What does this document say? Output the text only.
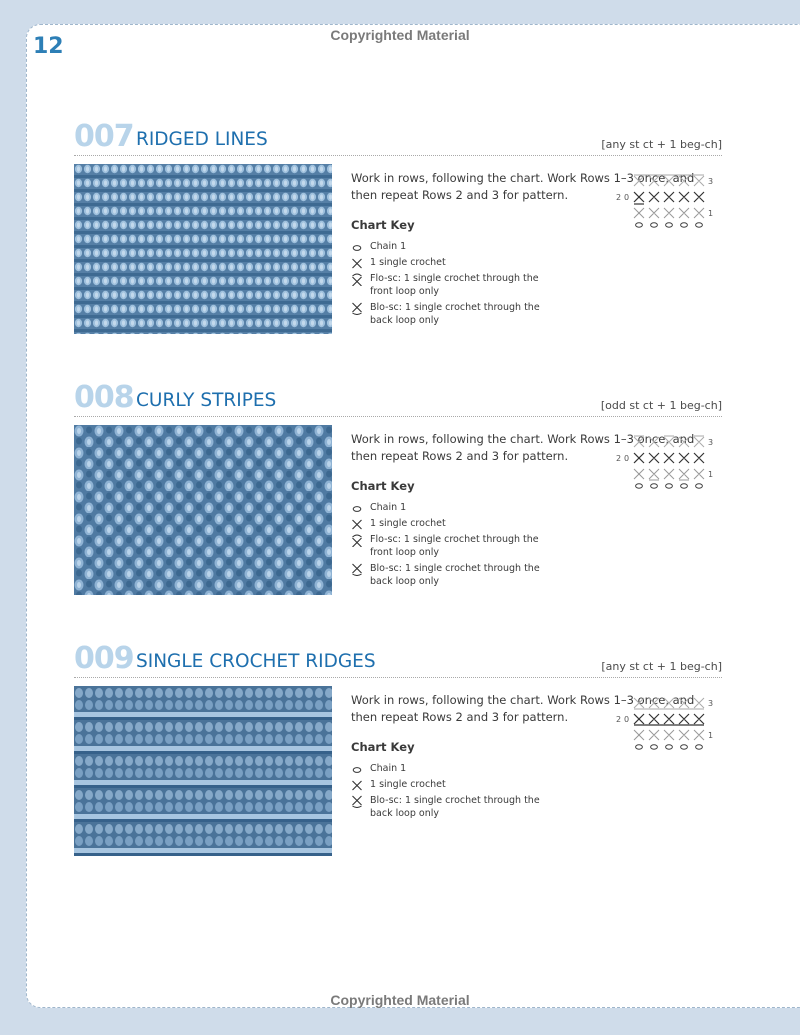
Copyrighted Material
12
007 RIDGED LINES	[any st ct + 1 beg-ch]
Work in rows, following the chart. Work Rows 1–3 once, and then repeat Rows 2 and 3 for pattern.
Chart Key
Chain 1
1 single crochet
Flo-sc: 1 single crochet through the front loop only
Blo-sc: 1 single crochet through the back loop only
3
2 0
1
008 CURLY STRIPES	[odd st ct + 1 beg-ch]
Work in rows, following the chart. Work Rows 1–3 once, and then repeat Rows 2 and 3 for pattern.
Chart Key
Chain 1
1 single crochet
Flo-sc: 1 single crochet through the front loop only
Blo-sc: 1 single crochet through the back loop only
3
2 0
1
009 SINGLE CROCHET RIDGES	[any st ct + 1 beg-ch]
Work in rows, following the chart. Work Rows 1–3 once, and then repeat Rows 2 and 3 for pattern.
Chart Key
Chain 1
1 single crochet
Blo-sc: 1 single crochet through the back loop only
3
2 0
1
Copyrighted Material
